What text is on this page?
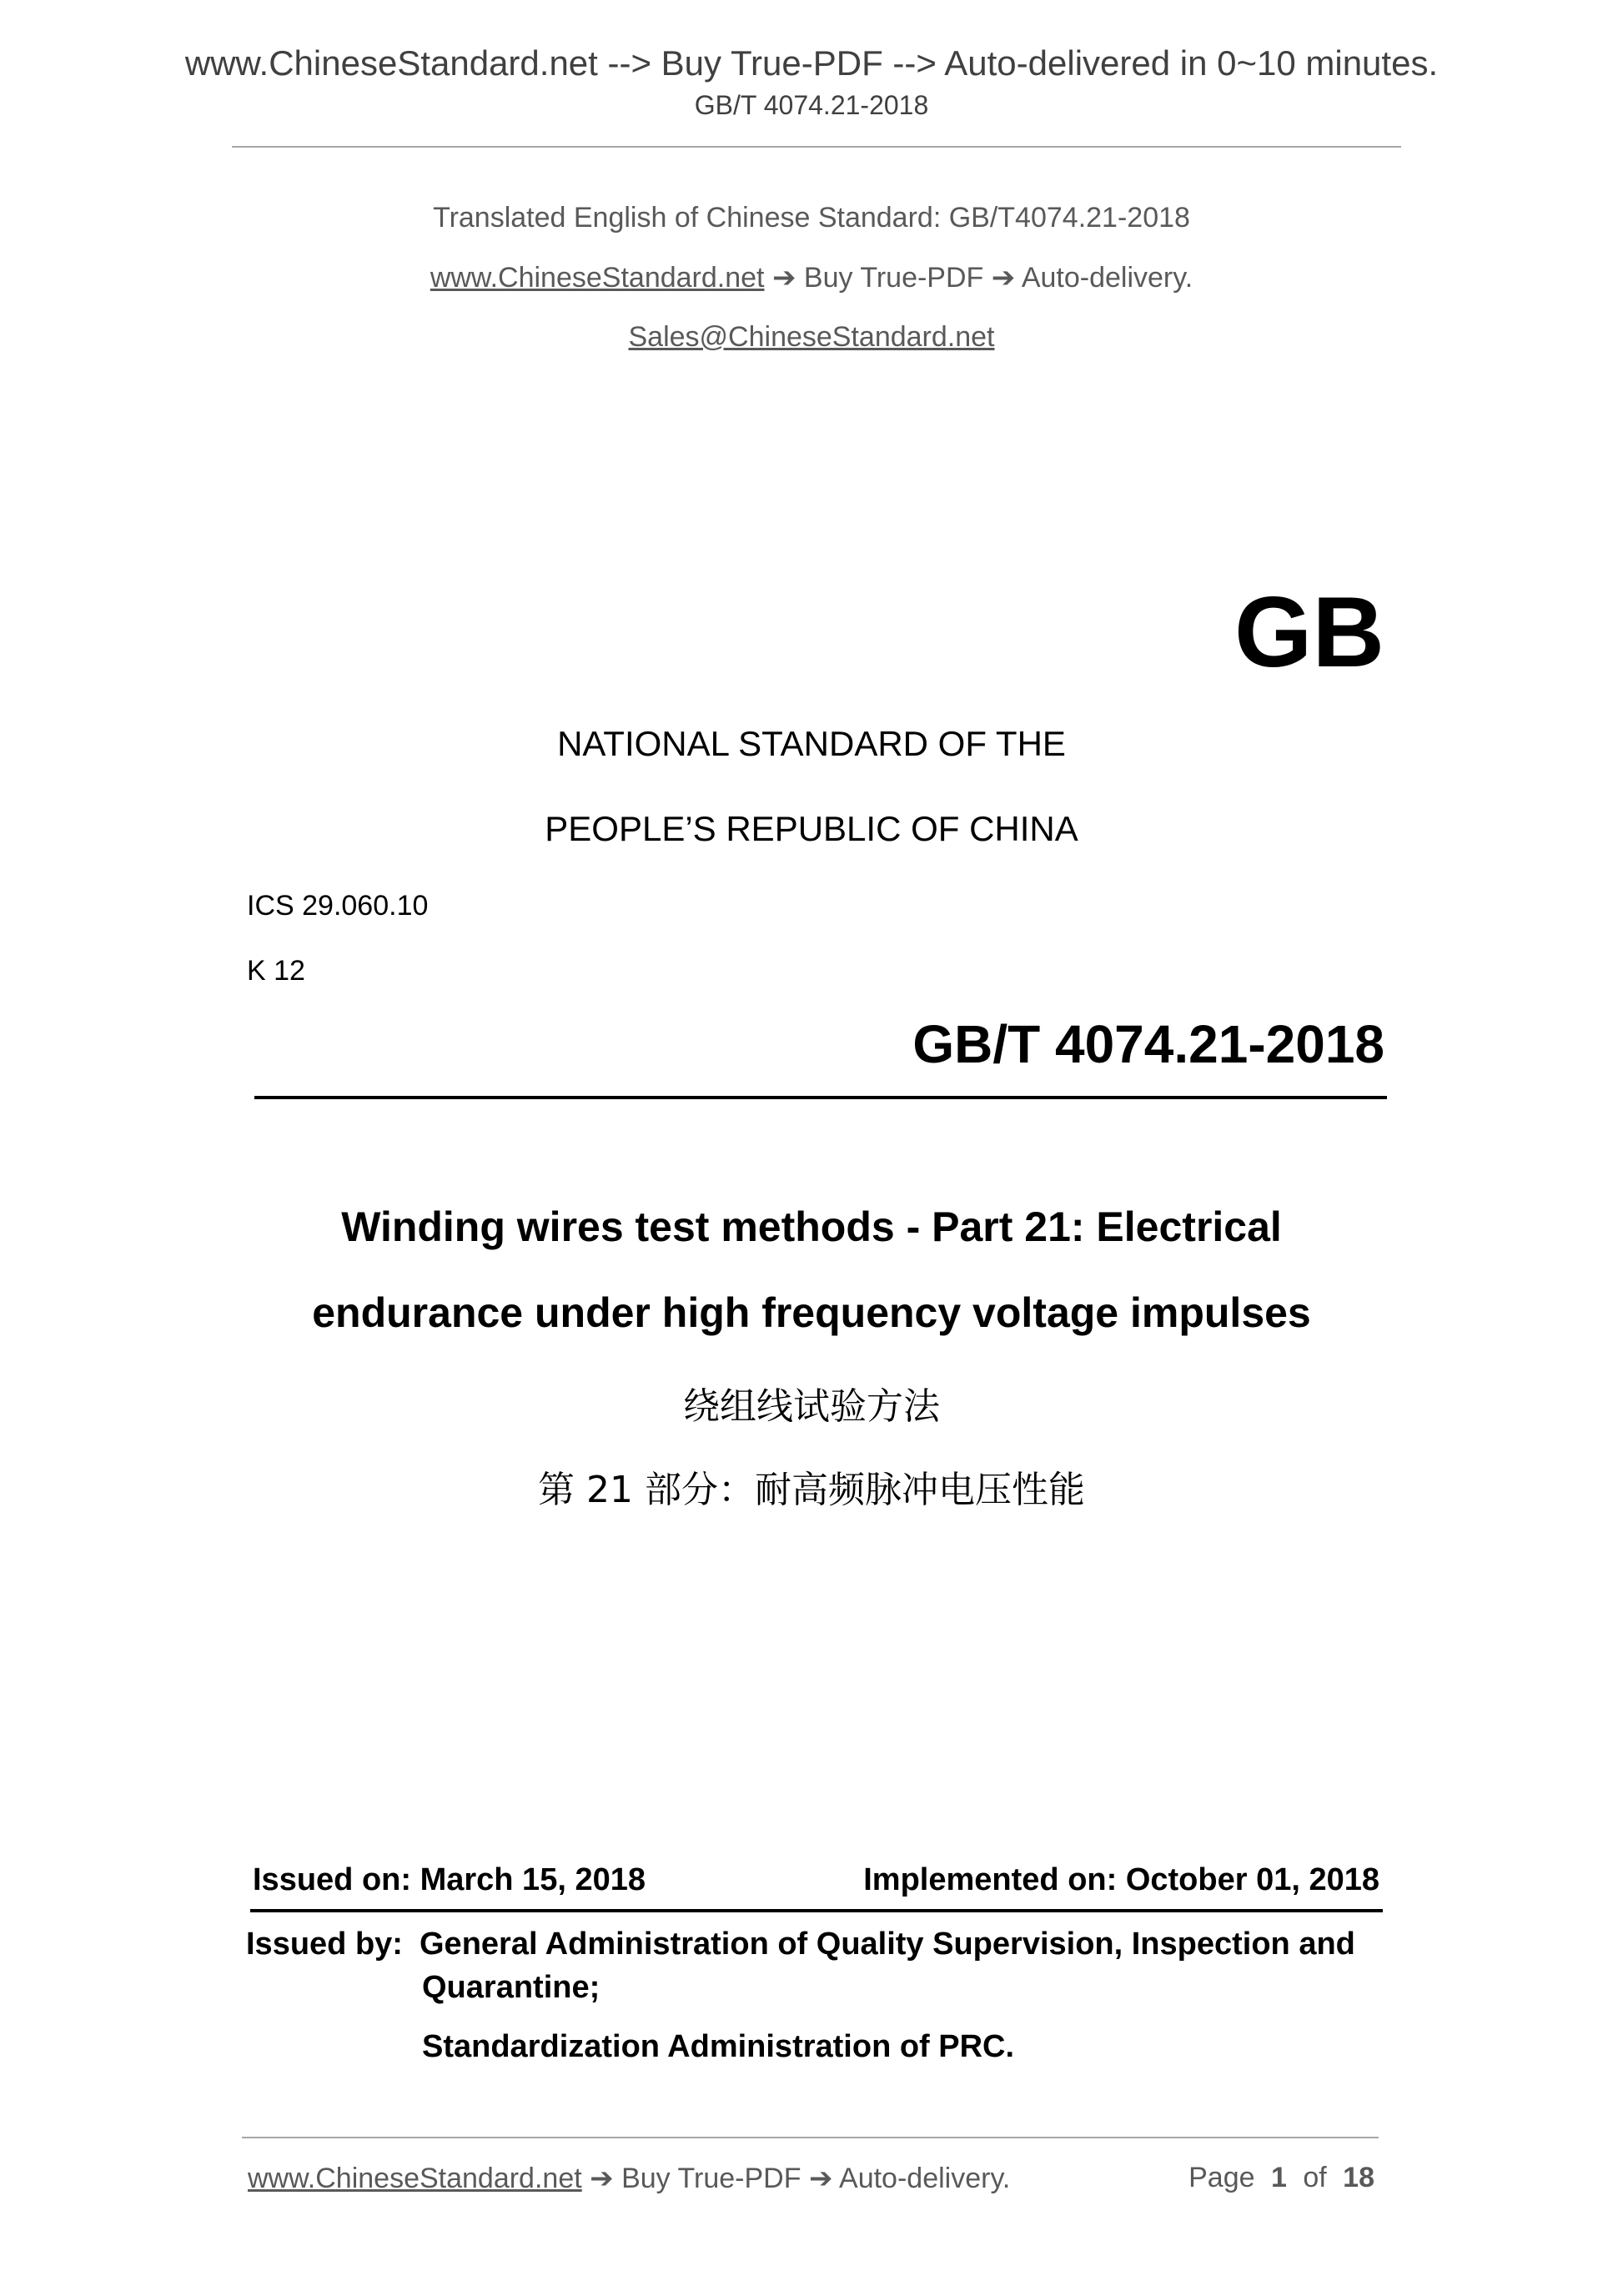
www.ChineseStandard.net --> Buy True-PDF --> Auto-delivered in 0~10 minutes.
GB/T 4074.21-2018
Translated English of Chinese Standard: GB/T4074.21-2018
www.ChineseStandard.net ➔ Buy True-PDF ➔ Auto-delivery.
Sales@ChineseStandard.net
GB
NATIONAL STANDARD OF THE
PEOPLE’S REPUBLIC OF CHINA
ICS 29.060.10
K 12
GB/T 4074.21-2018
Winding wires test methods - Part 21: Electrical
endurance under high frequency voltage impulses
绕组线试验方法
第 21 部分：耐高频脉冲电压性能
Issued on: March 15, 2018	Implemented on: October 01, 2018
Issued by: General Administration of Quality Supervision, Inspection and
Quarantine;
Standardization Administration of PRC.
www.ChineseStandard.net ➔ Buy True-PDF ➔ Auto-delivery.	Page 1 of 18
